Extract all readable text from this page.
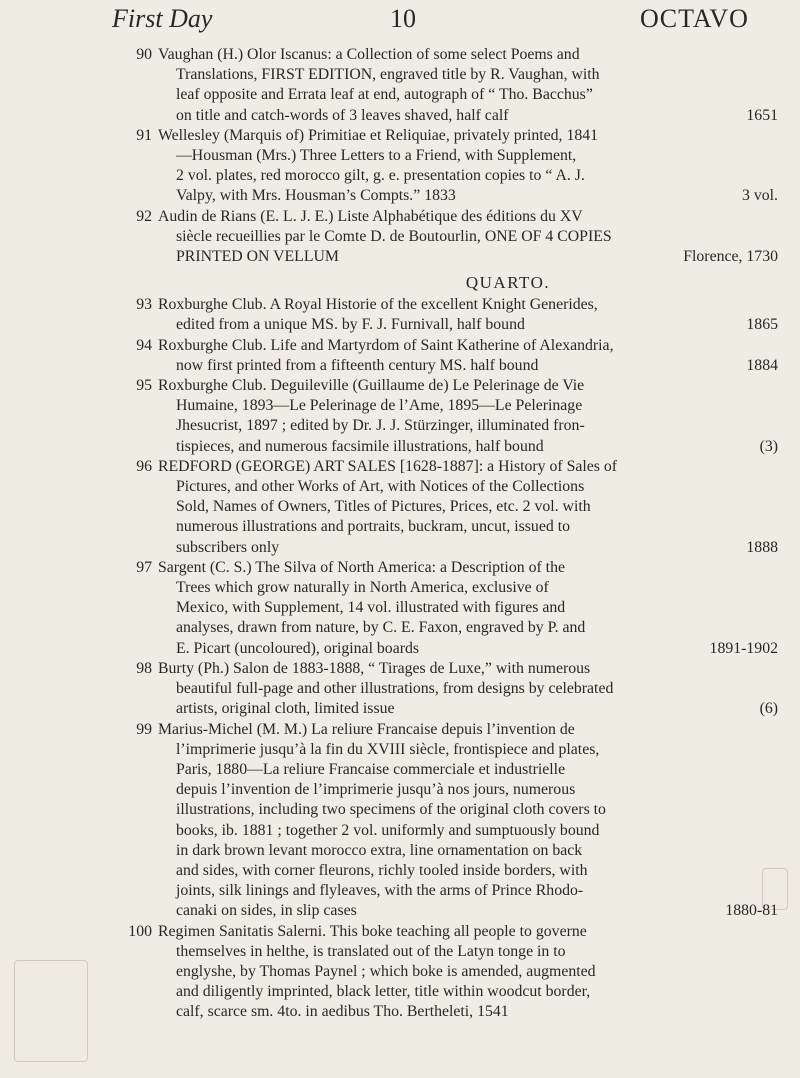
First Day	10	OCTAVO
90 Vaughan (H.) Olor Iscanus: a Collection of some select Poems and
Translations, FIRST EDITION, engraved title by R. Vaughan, with
leaf opposite and Errata leaf at end, autograph of “ Tho. Bacchus”
on title and catch-words of 3 leaves shaved, half calf	1651
91 Wellesley (Marquis of) Primitiae et Reliquiae, privately printed, 1841
—Housman (Mrs.) Three Letters to a Friend, with Supplement,
2 vol. plates, red morocco gilt, g. e. presentation copies to “ A. J.
Valpy, with Mrs. Housman’s Compts.” 1833	3 vol.
92 Audin de Rians (E. L. J. E.) Liste Alphabétique des éditions du XV
siècle recueillies par le Comte D. de Boutourlin, ONE OF 4 COPIES
PRINTED ON VELLUM	Florence, 1730
QUARTO.
93 Roxburghe Club. A Royal Historie of the excellent Knight Generides,
edited from a unique MS. by F. J. Furnivall, half bound	1865
94 Roxburghe Club. Life and Martyrdom of Saint Katherine of Alexandria,
now first printed from a fifteenth century MS. half bound	1884
95 Roxburghe Club. Deguileville (Guillaume de) Le Pelerinage de Vie
Humaine, 1893—Le Pelerinage de l’Ame, 1895—Le Pelerinage
Jhesucrist, 1897 ; edited by Dr. J. J. Stürzinger, illuminated fron-
tispieces, and numerous facsimile illustrations, half bound	(3)
96 REDFORD (GEORGE) ART SALES [1628-1887]: a History of Sales of
Pictures, and other Works of Art, with Notices of the Collections
Sold, Names of Owners, Titles of Pictures, Prices, etc. 2 vol. with
numerous illustrations and portraits, buckram, uncut, issued to
subscribers only	1888
97 Sargent (C. S.) The Silva of North America: a Description of the
Trees which grow naturally in North America, exclusive of
Mexico, with Supplement, 14 vol. illustrated with figures and
analyses, drawn from nature, by C. E. Faxon, engraved by P. and
E. Picart (uncoloured), original boards	1891-1902
98 Burty (Ph.) Salon de 1883-1888, “ Tirages de Luxe,” with numerous
beautiful full-page and other illustrations, from designs by celebrated
artists, original cloth, limited issue	(6)
99 Marius-Michel (M. M.) La reliure Francaise depuis l’invention de
l’imprimerie jusqu’à la fin du XVIII siècle, frontispiece and plates,
Paris, 1880—La reliure Francaise commerciale et industrielle
depuis l’invention de l’imprimerie jusqu’à nos jours, numerous
illustrations, including two specimens of the original cloth covers to
books, ib. 1881 ; together 2 vol. uniformly and sumptuously bound
in dark brown levant morocco extra, line ornamentation on back
and sides, with corner fleurons, richly tooled inside borders, with
joints, silk linings and flyleaves, with the arms of Prince Rhodo-
canaki on sides, in slip cases	1880-81
100 Regimen Sanitatis Salerni. This boke teaching all people to governe
themselves in helthe, is translated out of the Latyn tonge in to
englyshe, by Thomas Paynel ; which boke is amended, augmented
and diligently imprinted, black letter, title within woodcut border,
calf, scarce sm. 4to. in aedibus Tho. Bertheleti, 1541
